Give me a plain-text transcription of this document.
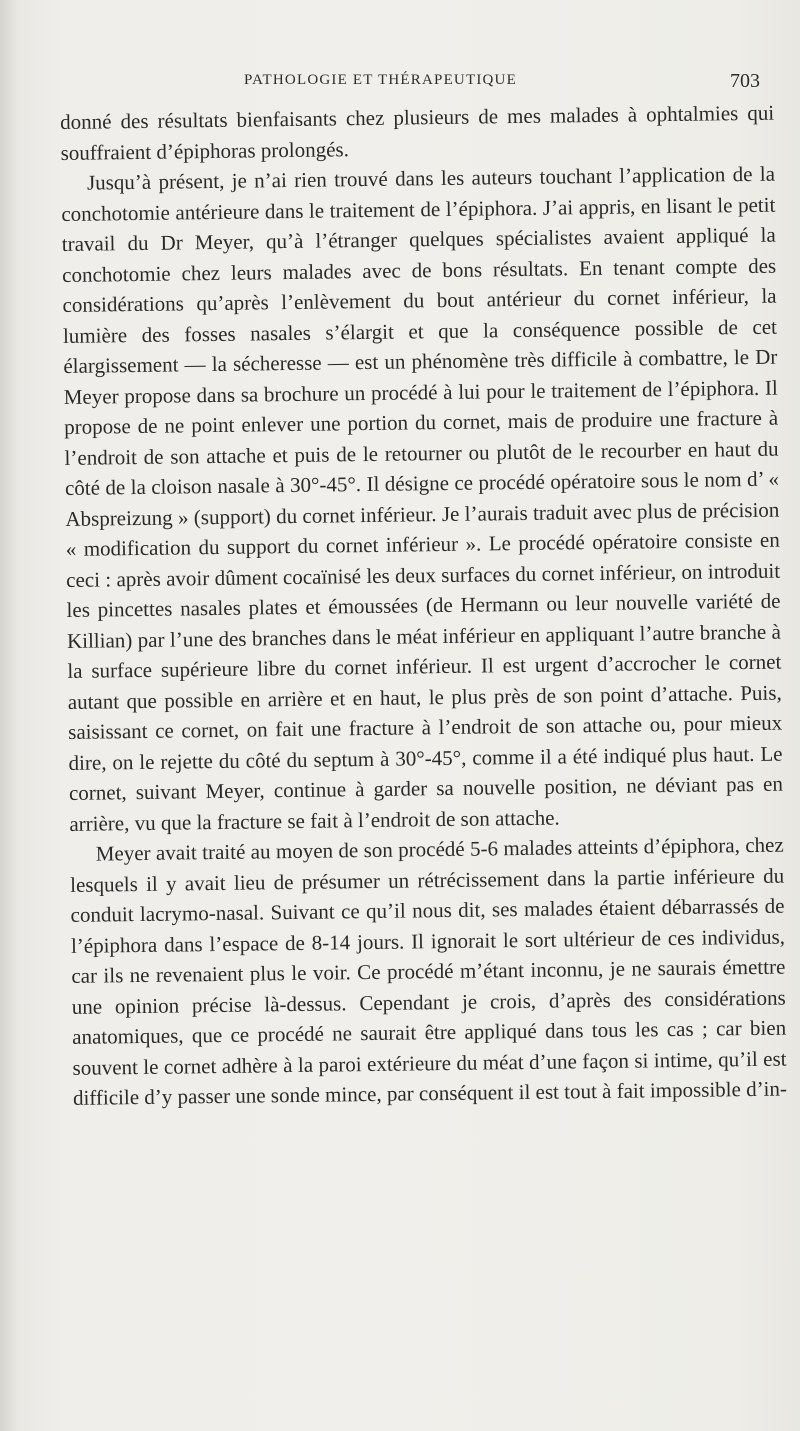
PATHOLOGIE ET THÉRAPEUTIQUE	703

donné des résultats bienfaisants chez plusieurs de mes malades à ophtalmies qui souffraient d’épiphoras prolongés.

Jusqu’à présent, je n’ai rien trouvé dans les auteurs touchant l’application de la conchotomie antérieure dans le traitement de l’épiphora. J’ai appris, en lisant le petit travail du Dr Meyer, qu’à l’étranger quelques spécialistes avaient appliqué la conchotomie chez leurs malades avec de bons résultats. En tenant compte des considérations qu’après l’enlèvement du bout antérieur du cornet inférieur, la lumière des fosses nasales s’élargit et que la conséquence possible de cet élargissement — la sécheresse — est un phénomène très difficile à combattre, le Dr Meyer propose dans sa brochure un procédé à lui pour le traitement de l’épiphora. Il propose de ne point enlever une portion du cornet, mais de produire une fracture à l’endroit de son attache et puis de le retourner ou plutôt de le recourber en haut du côté de la cloison nasale à 30°-45°. Il désigne ce procédé opératoire sous le nom d’ « Abspreizung » (support) du cornet inférieur. Je l’aurais traduit avec plus de précision « modification du support du cornet inférieur ». Le procédé opératoire consiste en ceci : après avoir dûment cocaïnisé les deux surfaces du cornet inférieur, on introduit les pincettes nasales plates et émoussées (de Hermann ou leur nouvelle variété de Killian) par l’une des branches dans le méat inférieur en appliquant l’autre branche à la surface supérieure libre du cornet inférieur. Il est urgent d’accrocher le cornet autant que possible en arrière et en haut, le plus près de son point d’attache. Puis, saisissant ce cornet, on fait une fracture à l’endroit de son attache ou, pour mieux dire, on le rejette du côté du septum à 30°-45°, comme il a été indiqué plus haut. Le cornet, suivant Meyer, continue à garder sa nouvelle position, ne déviant pas en arrière, vu que la fracture se fait à l’endroit de son attache.

Meyer avait traité au moyen de son procédé 5-6 malades atteints d’épiphora, chez lesquels il y avait lieu de présumer un rétrécissement dans la partie inférieure du conduit lacrymo-nasal. Suivant ce qu’il nous dit, ses malades étaient débarrassés de l’épiphora dans l’espace de 8-14 jours. Il ignorait le sort ultérieur de ces individus, car ils ne revenaient plus le voir. Ce procédé m’étant inconnu, je ne saurais émettre une opinion précise là-dessus. Cependant je crois, d’après des considérations anatomiques, que ce procédé ne saurait être appliqué dans tous les cas ; car bien souvent le cornet adhère à la paroi extérieure du méat d’une façon si intime, qu’il est difficile d’y passer une sonde mince, par conséquent il est tout à fait impossible d’in-
